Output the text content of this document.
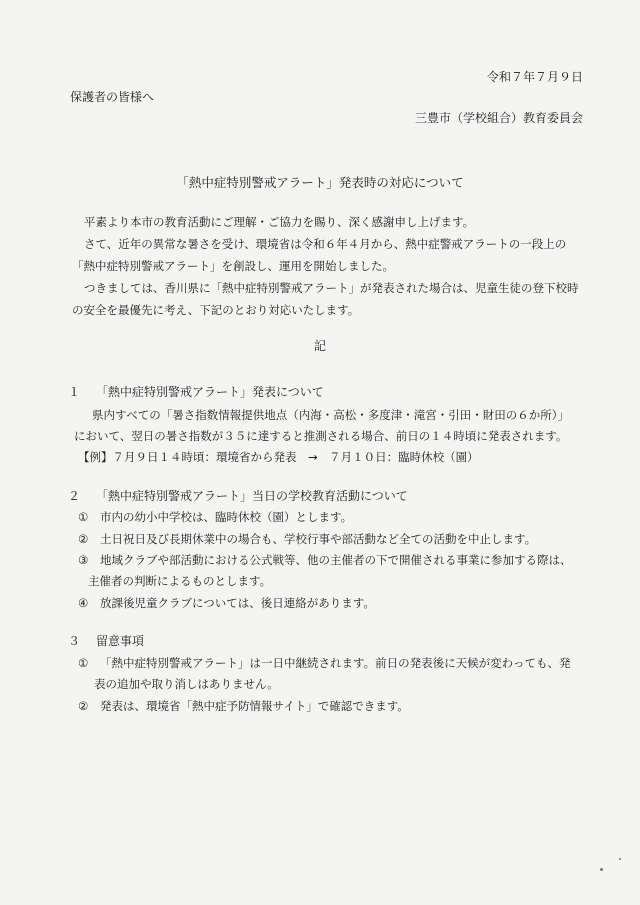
令和７年７月９日
保護者の皆様へ
三豊市（学校組合）教育委員会
「熱中症特別警戒アラート」発表時の対応について
平素より本市の教育活動にご理解・ご協力を賜り、深く感謝申し上げます。
さて、近年の異常な暑さを受け、環境省は令和６年４月から、熱中症警戒アラートの一段上の
「熱中症特別警戒アラート」を創設し、運用を開始しました。
つきましては、香川県に「熱中症特別警戒アラート」が発表された場合は、児童生徒の登下校時
の安全を最優先に考え、下記のとおり対応いたします。
記
１ 「熱中症特別警戒アラート」発表について
県内すべての「暑さ指数情報提供地点（内海・高松・多度津・滝宮・引田・財田の６か所）」
において、翌日の暑さ指数が３５に達すると推測される場合、前日の１４時頃に発表されます。
【例】７月９日１４時頃：環境省から発表　→　７月１０日：臨時休校（園）
２ 「熱中症特別警戒アラート」当日の学校教育活動について
① 市内の幼小中学校は、臨時休校（園）とします。
② 土日祝日及び長期休業中の場合も、学校行事や部活動など全ての活動を中止します。
③ 地域クラブや部活動における公式戦等、他の主催者の下で開催される事業に参加する際は、
主催者の判断によるものとします。
④ 放課後児童クラブについては、後日連絡があります。
３ 留意事項
① 「熱中症特別警戒アラート」は一日中継続されます。前日の発表後に天候が変わっても、発
表の追加や取り消しはありません。
② 発表は、環境省「熱中症予防情報サイト」で確認できます。
